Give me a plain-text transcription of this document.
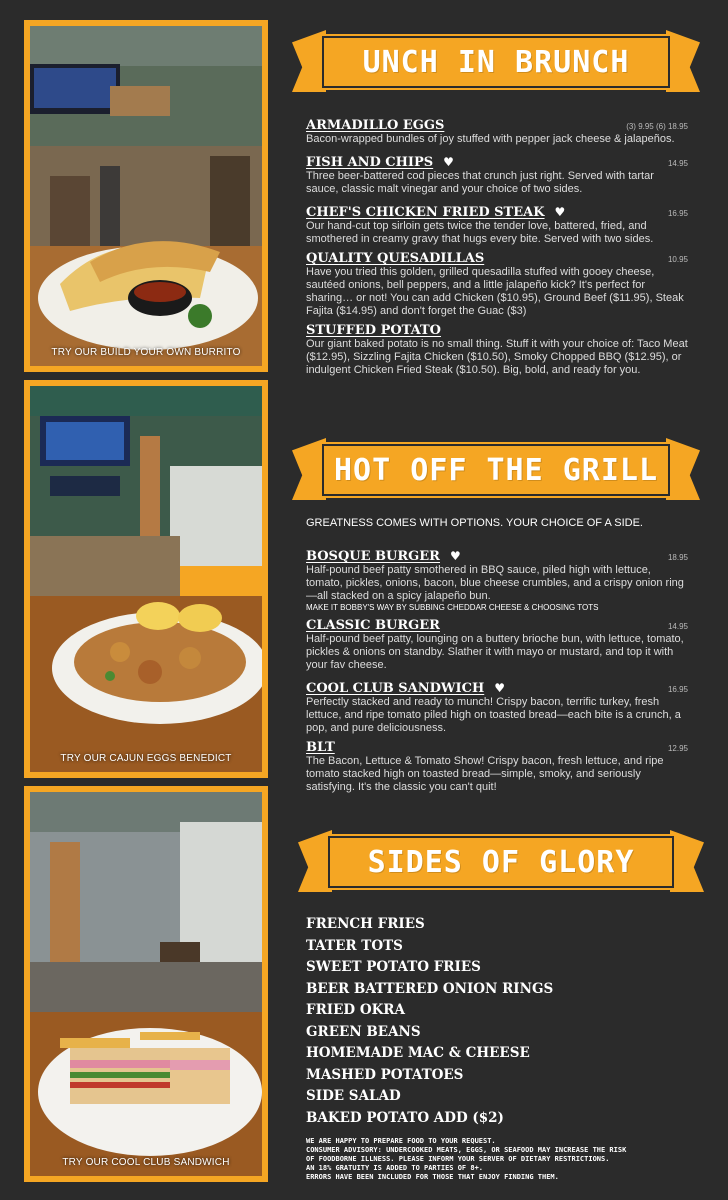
TRY OUR BUILD YOUR OWN BURRITO
TRY OUR CAJUN EGGS BENEDICT
TRY OUR COOL CLUB SANDWICH
UNCH IN BRUNCH
ARMADILLO EGGS	(3) 9.95 (6) 18.95
Bacon-wrapped bundles of joy stuffed with pepper jack cheese & jalapeños.
FISH AND CHIPS ♥	14.95
Three beer-battered cod pieces that crunch just right. Served with tartar sauce, classic malt vinegar and your choice of two sides.
CHEF'S CHICKEN FRIED STEAK ♥	16.95
Our hand-cut top sirloin gets twice the tender love, battered, fried, and smothered in creamy gravy that hugs every bite. Served with two sides.
QUALITY QUESADILLAS	10.95
Have you tried this golden, grilled quesadilla stuffed with gooey cheese, sautéed onions, bell peppers, and a little jalapeño kick? It's perfect for sharing… or not! You can add Chicken ($10.95), Ground Beef ($11.95), Steak Fajita ($14.95) and don't forget the Guac ($3)
STUFFED POTATO
Our giant baked potato is no small thing. Stuff it with your choice of: Taco Meat ($12.95), Sizzling Fajita Chicken ($10.50), Smoky Chopped BBQ ($12.95), or indulgent Chicken Fried Steak ($10.50). Big, bold, and ready for you.
HOT OFF THE GRILL
GREATNESS COMES WITH OPTIONS. YOUR CHOICE OF A SIDE.
BOSQUE BURGER ♥	18.95
Half-pound beef patty smothered in BBQ sauce, piled high with lettuce, tomato, pickles, onions, bacon, blue cheese crumbles, and a crispy onion ring—all stacked on a spicy jalapeño bun.
MAKE IT BOBBY'S WAY BY SUBBING CHEDDAR CHEESE & CHOOSING TOTS
CLASSIC BURGER	14.95
Half-pound beef patty, lounging on a buttery brioche bun, with lettuce, tomato, pickles & onions on standby. Slather it with mayo or mustard, and top it with your fav cheese.
COOL CLUB SANDWICH ♥	16.95
Perfectly stacked and ready to munch! Crispy bacon, terrific turkey, fresh lettuce, and ripe tomato piled high on toasted bread—each bite is a crunch, a pop, and pure deliciousness.
BLT	12.95
The Bacon, Lettuce & Tomato Show! Crispy bacon, fresh lettuce, and ripe tomato stacked high on toasted bread—simple, smoky, and seriously satisfying. It's the classic you can't quit!
SIDES OF GLORY
FRENCH FRIES
TATER TOTS
SWEET POTATO FRIES
BEER BATTERED ONION RINGS
FRIED OKRA
GREEN BEANS
HOMEMADE MAC & CHEESE
MASHED POTATOES
SIDE SALAD
BAKED POTATO ADD ($2)
WE ARE HAPPY TO PREPARE FOOD TO YOUR REQUEST.
CONSUMER ADVISORY: UNDERCOOKED MEATS, EGGS, OR SEAFOOD MAY INCREASE THE RISK
OF FOODBORNE ILLNESS. PLEASE INFORM YOUR SERVER OF DIETARY RESTRICTIONS.
AN 18% GRATUITY IS ADDED TO PARTIES OF 8+.
ERRORS HAVE BEEN INCLUDED FOR THOSE THAT ENJOY FINDING THEM.
